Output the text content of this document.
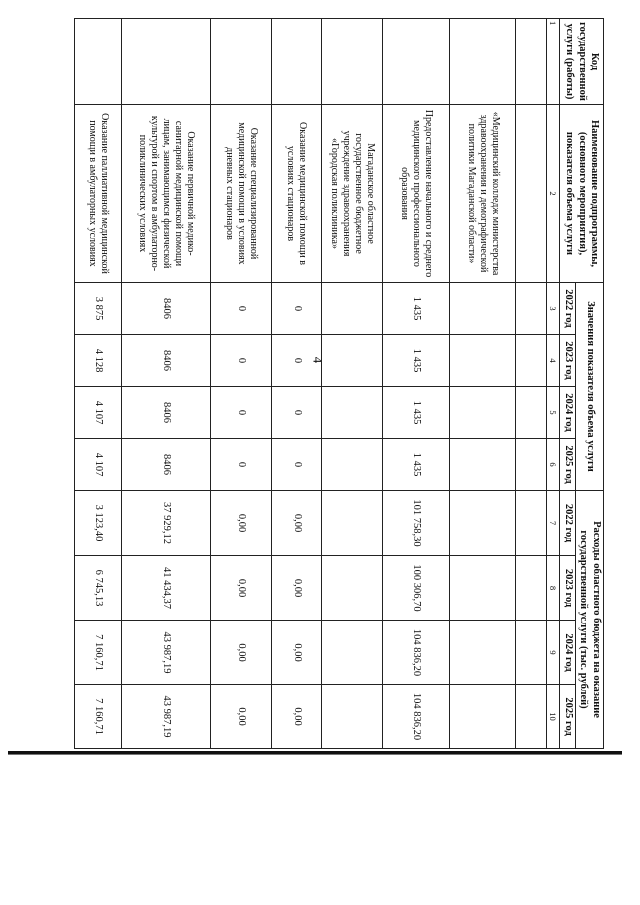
4
Код государственной услуги (работы)	Наименование подпрограммы, (основного мероприятия), показателя объема услуги	Значения показателя объема услуги				Расходы областного бюджета на оказание государственной услуги (тыс. рублей)			
		2022 год	2023 год	2024 год	2025 год	2022 год	2023 год	2024 год	2025 год
1	2	3	4	5	6	7	8	9	10

	«Медицинский колледж министерства здравоохранения и демографической политики Магаданской области»								
	Предоставление начального и среднего медицинского профессионального образования	1 435	1 435	1 435	1 435	101 758,30	100 306,70	104 836,20	104 836,20
	Магаданское областное государственное бюджетное учреждение здравоохранения «Городская поликлиника»								
	Оказание медицинской помощи в условиях стационаров	0	0	0	0	0,00	0,00	0,00	0,00
	Оказание специализированной медицинской помощи в условиях дневных стационаров	0	0	0	0	0,00	0,00	0,00	0,00
	Оказание первичной медико-санитарной медицинской помощи лицам, занимающимся физической культурой и спортом в амбулаторно-поликлинических условиях	8406	8406	8406	8406	37 929,12	41 434,37	43 987,19	43 987,19
	Оказание паллиативной медицинской помощи в амбулаторных условиях	3 875	4 128	4 107	4 107	3 123,40	6 745,13	7 160,71	7 160,71
